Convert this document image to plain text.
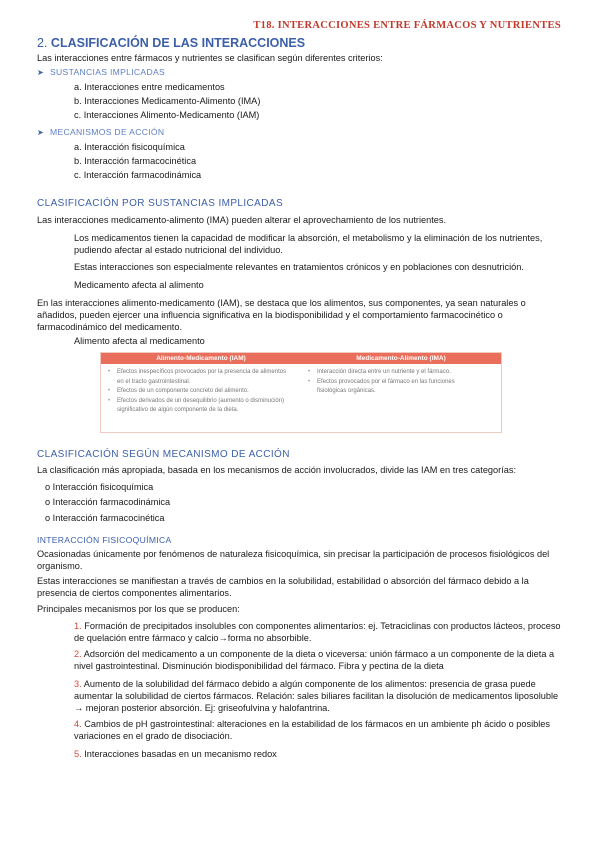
T18. INTERACCIONES ENTRE FÁRMACOS Y NUTRIENTES
2. CLASIFICACIÓN DE LAS INTERACCIONES

Las interacciones entre fármacos y nutrientes se clasifican según diferentes criterios:

➤ SUSTANCIAS IMPLICADAS

a. Interacciones entre medicamentos

b. Interacciones Medicamento-Alimento (IMA)

c. Interacciones Alimento-Medicamento (IAM)

➤ MECANISMOS DE ACCIÓN

a. Interacción fisicoquímica

b. Interacción farmacocinética

c. Interacción farmacodinámica

CLASIFICACIÓN POR SUSTANCIAS IMPLICADAS

Las interacciones medicamento-alimento (IMA) pueden alterar el aprovechamiento de los nutrientes.

Los medicamentos tienen la capacidad de modificar la absorción, el metabolismo y la eliminación de los nutrientes, pudiendo afectar al estado nutricional del individuo.

Estas interacciones son especialmente relevantes en tratamientos crónicos y en poblaciones con desnutrición.

Medicamento afecta al alimento

En las interacciones alimento-medicamento (IAM), se destaca que los alimentos, sus componentes, ya sean naturales o añadidos, pueden ejercer una influencia significativa en la biodisponibilidad y el comportamiento farmacocinético o farmacodinámico del medicamento.

Alimento afecta al medicamento

Alimento-Medicamento (IAM)	Medicamento-Alimento (IMA)
• Efectos inespecíficos provocados por la presencia de alimentos
en el tracto gastrointestinal.
• Efectos de un componente concreto del alimento.
• Efectos derivados de un desequilibrio (aumento o disminución)
significativo de algún componente de la dieta.
• Interacción directa entre un nutriente y el fármaco.
• Efectos provocados por el fármaco en las funciones
fisiológicas orgánicas.
CLASIFICACIÓN SEGÚN MECANISMO DE ACCIÓN

La clasificación más apropiada, basada en los mecanismos de acción involucrados, divide las IAM en tres categorías:

o Interacción fisicoquímica

o Interacción farmacodinámica

o Interacción farmacocinética

INTERACCIÓN FISICOQUÍMICA

Ocasionadas únicamente por fenómenos de naturaleza fisicoquímica, sin precisar la participación de procesos fisiológicos del organismo.

Estas interacciones se manifiestan a través de cambios en la solubilidad, estabilidad o absorción del fármaco debido a la presencia de ciertos componentes alimentarios.

Principales mecanismos por los que se producen:

1. Formación de precipitados insolubles con componentes alimentarios: ej. Tetraciclinas con productos lácteos, proceso de quelación entre fármaco y calcio→forma no absorbible.

2. Adsorción del medicamento a un componente de la dieta o viceversa: unión fármaco a un componente de la dieta a nivel gastrointestinal. Disminución biodisponibilidad del fármaco. Fibra y pectina de la dieta

3. Aumento de la solubilidad del fármaco debido a algún componente de los alimentos: presencia de grasa puede aumentar la solubilidad de ciertos fármacos. Relación: sales biliares facilitan la disolución de medicamentos liposoluble → mejoran posterior absorción. Ej: griseofulvina y halofantrina.

4. Cambios de pH gastrointestinal: alteraciones en la estabilidad de los fármacos en un ambiente ph ácido o posibles variaciones en el grado de disociación.

5. Interacciones basadas en un mecanismo redox
